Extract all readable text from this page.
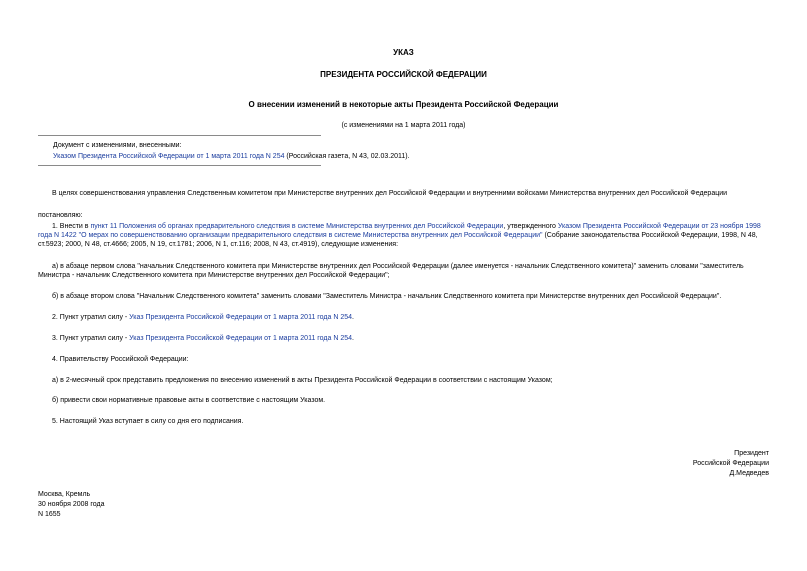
УКАЗ
ПРЕЗИДЕНТА РОССИЙСКОЙ ФЕДЕРАЦИИ
О внесении изменений в некоторые акты Президента Российской Федерации
(с изменениями на 1 марта 2011 года)
Документ с изменениями, внесенными:
Указом Президента Российской Федерации от 1 марта 2011 года N 254 (Российская газета, N 43, 02.03.2011).
В целях совершенствования управления Следственным комитетом при Министерстве внутренних дел Российской Федерации и внутренними войсками Министерства внутренних дел Российской Федерации
постановляю:
1. Внести в пункт 11 Положения об органах предварительного следствия в системе Министерства внутренних дел Российской Федерации, утвержденного Указом Президента Российской Федерации от 23 ноября 1998 года N 1422 "О мерах по совершенствованию организации предварительного следствия в системе Министерства внутренних дел Российской Федерации" (Собрание законодательства Российской Федерации, 1998, N 48, ст.5923; 2000, N 48, ст.4666; 2005, N 19, ст.1781; 2006, N 1, ст.116; 2008, N 43, ст.4919), следующие изменения:
а) в абзаце первом слова "начальник Следственного комитета при Министерстве внутренних дел Российской Федерации (далее именуется - начальник Следственного комитета)" заменить словами "заместитель Министра - начальник Следственного комитета при Министерстве внутренних дел Российской Федерации";
б) в абзаце втором слова "Начальник Следственного комитета" заменить словами "Заместитель Министра - начальник Следственного комитета при Министерстве внутренних дел Российской Федерации".
2. Пункт утратил силу - Указ Президента Российской Федерации от 1 марта 2011 года N 254.
3. Пункт утратил силу - Указ Президента Российской Федерации от 1 марта 2011 года N 254.
4. Правительству Российской Федерации:
а) в 2-месячный срок представить предложения по внесению изменений в акты Президента Российской Федерации в соответствии с настоящим Указом;
б) привести свои нормативные правовые акты в соответствие с настоящим Указом.
5. Настоящий Указ вступает в силу со дня его подписания.
Президент
Российской Федерации
Д.Медведев
Москва, Кремль
30 ноября 2008 года
N 1655
